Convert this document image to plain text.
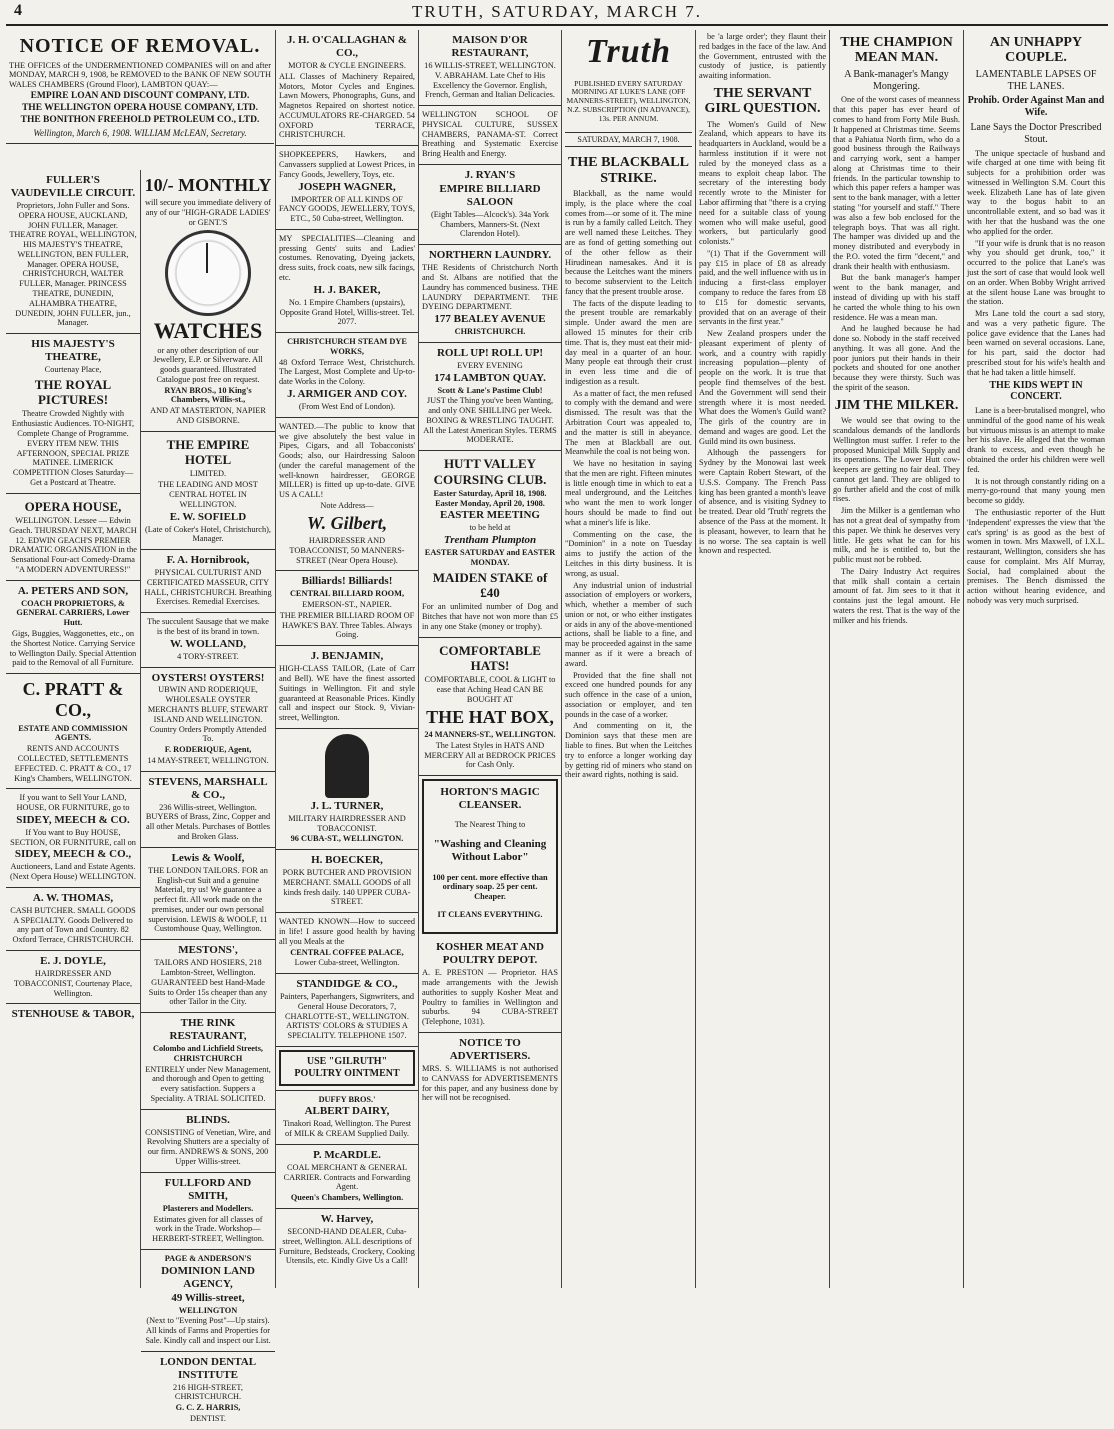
4	TRUTH, SATURDAY, MARCH 7.
NOTICE OF REMOVAL.

THE OFFICES of the UNDERMENTIONED COMPANIES will on and after MONDAY, MARCH 9, 1908, be REMOVED to the BANK OF NEW SOUTH WALES CHAMBERS (Ground Floor), LAMBTON QUAY:—

EMPIRE LOAN AND DISCOUNT COMPANY, LTD.

THE WELLINGTON OPERA HOUSE COMPANY, LTD.

THE BONITHON FREEHOLD PETROLEUM CO., LTD.

Wellington, March 6, 1908. WILLIAM McLEAN, Secretary.

FULLER'S VAUDEVILLE CIRCUIT.

Proprietors, John Fuller and Sons. OPERA HOUSE, AUCKLAND, JOHN FULLER, Manager. THEATRE ROYAL, WELLINGTON, HIS MAJESTY'S THEATRE, WELLINGTON, BEN FULLER, Manager. OPERA HOUSE, CHRISTCHURCH, WALTER FULLER, Manager. PRINCESS THEATRE, DUNEDIN, ALHAMBRA THEATRE, DUNEDIN, JOHN FULLER, jun., Manager.

HIS MAJESTY'S THEATRE,

Courtenay Place,

THE ROYAL PICTURES!

Theatre Crowded Nightly with Enthusiastic Audiences. TO-NIGHT, Complete Change of Programme. EVERY ITEM NEW. THIS AFTERNOON, SPECIAL PRIZE MATINEE. LIMERICK COMPETITION Closes Saturday—Get a Postcard at Theatre.

OPERA HOUSE,

WELLINGTON. Lessee — Edwin Geach. THURSDAY NEXT, MARCH 12. EDWIN GEACH'S PREMIER DRAMATIC ORGANISATION in the Sensational Four-act Comedy-Drama "A MODERN ADVENTURESS!"

A. PETERS AND SON,

COACH PROPRIETORS, & GENERAL CARRIERS, Lower Hutt.

Gigs, Buggies, Waggonettes, etc., on the Shortest Notice. Carrying Service to Wellington Daily. Special Attention paid to the Removal of all Furniture.

C. PRATT & CO.,

ESTATE AND COMMISSION AGENTS.

RENTS AND ACCOUNTS COLLECTED, SETTLEMENTS EFFECTED. C. PRATT & CO., 17 King's Chambers, WELLINGTON.

If you want to Sell Your LAND, HOUSE, OR FURNITURE, go to

SIDEY, MEECH & CO.

If You want to Buy HOUSE, SECTION, OR FURNITURE, call on

SIDEY, MEECH & CO.,

Auctioneers, Land and Estate Agents. (Next Opera House) WELLINGTON.

A. W. THOMAS,

CASH BUTCHER. SMALL GOODS A SPECIALTY. Goods Delivered to any part of Town and Country. 82 Oxford Terrace, CHRISTCHURCH.

E. J. DOYLE,

HAIRDRESSER AND TOBACCONIST, Courtenay Place, Wellington.

STENHOUSE & TABOR,
10/- MONTHLY

will secure you immediate delivery of any of our "HIGH-GRADE LADIES' or GENT.'S

WATCHES

or any other description of our Jewellery, E.P. or Silverware. All goods guaranteed. Illustrated Catalogue post free on request.

RYAN BROS., 10 King's Chambers, Willis-st.,

AND AT MASTERTON, NAPIER AND GISBORNE.

THE EMPIRE HOTEL

LIMITED.

THE LEADING AND MOST CENTRAL HOTEL IN WELLINGTON.

E. W. SOFIELD

(Late of Coker's Hotel, Christchurch), Manager.

F. A. Hornibrook,

PHYSICAL CULTURIST AND CERTIFICATED MASSEUR, CITY HALL, CHRISTCHURCH. Breathing Exercises. Remedial Exercises.

The succulent Sausage that we make is the best of its brand in town.

W. WOLLAND,

4 TORY-STREET.

OYSTERS! OYSTERS!

UBWIN AND RODERIQUE, WHOLESALE OYSTER MERCHANTS BLUFF, STEWART ISLAND AND WELLINGTON. Country Orders Promptly Attended To.

F. RODERIQUE, Agent,

14 MAY-STREET, WELLINGTON.

STEVENS, MARSHALL & CO.,

236 Willis-street, Wellington. BUYERS of Brass, Zinc, Copper and all other Metals. Purchases of Bottles and Broken Glass.

Lewis & Woolf,

THE LONDON TAILORS. FOR an English-cut Suit and a genuine Material, try us! We guarantee a perfect fit. All work made on the premises, under our own personal supervision. LEWIS & WOOLF, 11 Customhouse Quay, Wellington.

MESTONS',

TAILORS AND HOSIERS, 218 Lambton-Street, Wellington. GUARANTEED best Hand-Made Suits to Order 15s cheaper than any other Tailor in the City.

THE RINK RESTAURANT,

Colombo and Lichfield Streets, CHRISTCHURCH

ENTIRELY under New Management, and thorough and Open to getting every satisfaction. Suppers a Speciality. A TRIAL SOLICITED.

BLINDS.

CONSISTING of Venetian, Wire, and Revolving Shutters are a specialty of our firm. ANDREWS & SONS, 200 Upper Willis-street.

FULLFORD AND SMITH,

Plasterers and Modellers.

Estimates given for all classes of work in the Trade. Workshop— HERBERT-STREET, Wellington.

PAGE & ANDERSON'S

DOMINION LAND AGENCY,
49 Willis-street,

WELLINGTON

(Next to "Evening Post"—Up stairs). All kinds of Farms and Properties for Sale. Kindly call and inspect our List.

LONDON DENTAL INSTITUTE

216 HIGH-STREET, CHRISTCHURCH.

G. C. Z. HARRIS,

DENTIST.

J. H. O'CALLAGHAN & CO.,

MOTOR & CYCLE ENGINEERS.

ALL Classes of Machinery Repaired, Motors, Motor Cycles and Engines. Lawn Mowers, Phonographs, Guns, and Magnetos Repaired on shortest notice. ACCUMULATORS RE-CHARGED. 54 OXFORD TERRACE, CHRISTCHURCH.

SHOPKEEPERS, Hawkers, and Canvassers supplied at Lowest Prices, in Fancy Goods, Jewellery, Toys, etc.

JOSEPH WAGNER,

IMPORTER OF ALL KINDS OF FANCY GOODS, JEWELLERY, TOYS, ETC., 50 Cuba-street, Wellington.

MY SPECIALITIES—Cleaning and pressing Gents' suits and Ladies' costumes. Renovating, Dyeing jackets, dress suits, frock coats, new silk facings, etc.

H. J. BAKER,

No. 1 Empire Chambers (upstairs), Opposite Grand Hotel, Willis-street. Tel. 2077.

CHRISTCHURCH STEAM DYE WORKS,

48 Oxford Terrace West, Christchurch. The Largest, Most Complete and Up-to-date Works in the Colony.

J. ARMIGER AND COY.

(From West End of London).

WANTED.—The public to know that we give absolutely the best value in Pipes, Cigars, and all Tobacconists' Goods; also, our Hairdressing Saloon (under the careful management of the well-known hairdresser, GEORGE MILLER) is fitted up up-to-date. GIVE US A CALL!

Note Address—

W. Gilbert,

HAIRDRESSER AND TOBACCONIST, 50 MANNERS-STREET (Near Opera House).

Billiards! Billiards!

CENTRAL BILLIARD ROOM,

EMERSON-ST., NAPIER.

THE PREMIER BILLIARD ROOM OF HAWKE'S BAY. Three Tables. Always Going.

J. BENJAMIN,

HIGH-CLASS TAILOR, (Late of Carr and Bell). WE have the finest assorted Suitings in Wellington. Fit and style guaranteed at Reasonable Prices. Kindly call and inspect our Stock. 9, Vivian-street, Wellington.

J. L. TURNER,

MILITARY HAIRDRESSER AND TOBACCONIST.

96 CUBA-ST., WELLINGTON.

H. BOECKER,

PORK BUTCHER AND PROVISION MERCHANT. SMALL GOODS of all kinds fresh daily. 140 UPPER CUBA-STREET.

WANTED KNOWN—How to succeed in life! I assure good health by having all you Meals at the

CENTRAL COFFEE PALACE,

Lower Cuba-street, Wellington.

STANDIDGE & CO.,

Painters, Paperhangers, Signwriters, and General House Decorators, 7, CHARLOTTE-ST., WELLINGTON. ARTISTS' COLORS & STUDIES A SPECIALITY. TELEPHONE 1507.

USE "GILRUTH" POULTRY OINTMENT

DUFFY BROS.'

ALBERT DAIRY,

Tinakori Road, Wellington. The Purest of MILK & CREAM Supplied Daily.

P. McARDLE.

COAL MERCHANT & GENERAL CARRIER. Contracts and Forwarding Agent.

Queen's Chambers, Wellington.

W. Harvey,

SECOND-HAND DEALER, Cuba-street, Wellington. ALL descriptions of Furniture, Bedsteads, Crockery, Cooking Utensils, etc. Kindly Give Us a Call!

MAISON D'OR RESTAURANT,

16 WILLIS-STREET, WELLINGTON. V. ABRAHAM. Late Chef to His Excellency the Governor. English, French, German and Italian Delicacies.

WELLINGTON SCHOOL OF PHYSICAL CULTURE, SUSSEX CHAMBERS, PANAMA-ST. Correct Breathing and Systematic Exercise Bring Health and Energy.

J. RYAN'S
EMPIRE BILLIARD SALOON

(Eight Tables—Alcock's). 34a York Chambers, Manners-St. (Next Clarendon Hotel).

NORTHERN LAUNDRY.

THE Residents of Christchurch North and St. Albans are notified that the Laundry has commenced business. THE LAUNDRY DEPARTMENT. THE DYEING DEPARTMENT.

177 BEALEY AVENUE

CHRISTCHURCH.

ROLL UP! ROLL UP!

EVERY EVENING

174 LAMBTON QUAY.

Scott & Lane's Pastime Club!

JUST the Thing you've been Wanting, and only ONE SHILLING per Week. BOXING & WRESTLING TAUGHT. All the Latest American Styles. TERMS MODERATE.

HUTT VALLEY COURSING CLUB.

Easter Saturday, April 18, 1908. Easter Monday, April 20, 1908.

EASTER MEETING

to be held at

Trentham Plumpton

EASTER SATURDAY and EASTER MONDAY.

MAIDEN STAKE of £40

For an unlimited number of Dog and Bitches that have not won more than £5 in any one Stake (money or trophy).

COMFORTABLE HATS!

COMFORTABLE, COOL & LIGHT to ease that Aching Head CAN BE BOUGHT AT

THE HAT BOX,

24 MANNERS-ST., WELLINGTON.

The Latest Styles in HATS AND MERCERY All at BEDROCK PRICES for Cash Only.

HORTON'S MAGIC CLEANSER.

The Nearest Thing to

"Washing and Cleaning Without Labor"

100 per cent. more effective than ordinary soap. 25 per cent. Cheaper.

IT CLEANS EVERYTHING.

KOSHER MEAT AND POULTRY DEPOT.

A. E. PRESTON — Proprietor. HAS made arrangements with the Jewish authorities to supply Kosher Meat and Poultry to families in Wellington and suburbs. 94 CUBA-STREET (Telephone, 1031).

NOTICE TO ADVERTISERS.

MRS. S. WILLIAMS is not authorised to CANVASS for ADVERTISEMENTS for this paper, and any business done by her will not be recognised.

Truth

PUBLISHED EVERY SATURDAY MORNING AT LUKE'S LANE (OFF MANNERS-STREET), WELLINGTON, N.Z. SUBSCRIPTION (IN ADVANCE), 13s. PER ANNUM.

SATURDAY, MARCH 7, 1908.

THE BLACKBALL STRIKE.

Blackball, as the name would imply, is the place where the coal comes from—or some of it. The mine is run by a family called Leitch. They are well named these Leitches. They are as fond of getting something out of the other fellow as their Hirudinean namesakes. And it is because the Leitches want the miners to become subservient to the Leitch fancy that the present trouble arose.

The facts of the dispute leading to the present trouble are remarkably simple. Under award the men are allowed 15 minutes for their crib time. That is, they must eat their mid-day meal in a quarter of an hour. Many people eat through their crust in even less time and die of indigestion as a result.

As a matter of fact, the men refused to comply with the demand and were dismissed. The result was that the Arbitration Court was appealed to, and the matter is still in abeyance. The men at Blackball are out. Meanwhile the coal is not being won.

We have no hesitation in saying that the men are right. Fifteen minutes is little enough time in which to eat a meal underground, and the Leitches who want the men to work longer hours should be made to find out what a miner's life is like.

Commenting on the case, the "Dominion" in a note on Tuesday aims to justify the action of the Leitches in this dirty business. It is wrong, as usual.

Any industrial union of industrial association of employers or workers, which, whether a member of such union or not, or who either instigates or aids in any of the above-mentioned actions, shall be liable to a fine, and may be proceeded against in the same manner as if it were a breach of award.

Provided that the fine shall not exceed one hundred pounds for any such offence in the case of a union, association or employer, and ten pounds in the case of a worker.

And commenting on it, the Dominion says that these men are liable to fines. But when the Leitches try to enforce a longer working day by getting rid of miners who stand on their award rights, nothing is said.

be 'a large order'; they flaunt their red badges in the face of the law. And the Government, entrusted with the custody of justice, is patiently awaiting information.

THE SERVANT GIRL QUESTION.

The Women's Guild of New Zealand, which appears to have its headquarters in Auckland, would be a harmless institution if it were not ruled by the moneyed class as a means to exploit cheap labor. The secretary of the interesting body recently wrote to the Minister for Labor affirming that "there is a crying need for a suitable class of young women who will make useful, good workers, but particularly good colonists."

"(1) That if the Government will pay £15 in place of £8 as already paid, and the well influence with us in inducing a first-class employer company to reduce the fares from £8 to £15 for domestic servants, provided that on an average of their servants in the first year."

New Zealand prospers under the pleasant experiment of plenty of work, and a country with rapidly increasing population—plenty of people on the work. It is true that people find themselves of the best. And the Government will send their strength where it is most needed. What does the Women's Guild want? The girls of the country are in demand and wages are good. Let the Guild mind its own business.

Although the passengers for Sydney by the Monowai last week were Captain Robert Stewart, of the U.S.S. Company. The French Pass king has been granted a month's leave of absence, and is visiting Sydney to be treated. Dear old 'Truth' regrets the absence of the Pass at the moment. It is pleasant, however, to learn that he is no worse. The sea captain is well known and respected.

THE CHAMPION MEAN MAN.
A Bank-manager's Mangy Mongering.

One of the worst cases of meanness that this paper has ever heard of comes to hand from Forty Mile Bush. It happened at Christmas time. Seems that a Pahiatua North firm, who do a good business through the Railways and carrying work, sent a hamper along at Christmas time to their friends. In the particular township to which this paper refers a hamper was sent to the bank manager, with a letter stating "for yourself and staff." There was also a few bob enclosed for the telegraph boys. That was all right. The hamper was divided up and the money distributed and everybody in the P.O. voted the firm "decent," and drank their health with enthusiasm.

But the bank manager's hamper went to the bank manager, and instead of dividing up with his staff he carted the whole thing to his own residence. He was a mean man.

And he laughed because he had done so. Nobody in the staff received anything. It was all gone. And the poor juniors put their hands in their pockets and shouted for one another because they were thirsty. Such was the spirit of the season.

JIM THE MILKER.

We would see that owing to the scandalous demands of the landlords Wellington must suffer. I refer to the proposed Municipal Milk Supply and its operations. The Lower Hutt cow-keepers are getting no fair deal. They cannot get land. They are obliged to go further afield and the cost of milk rises.

Jim the Milker is a gentleman who has not a great deal of sympathy from this paper. We think he deserves very little. He gets what he can for his milk, and he is entitled to, but the public must not be robbed.

The Dairy Industry Act requires that milk shall contain a certain amount of fat. Jim sees to it that it contains just the legal amount. He waters the rest. That is the way of the milker and his friends.

AN UNHAPPY COUPLE.
LAMENTABLE LAPSES OF THE LANES.
Prohib. Order Against Man and Wife.
Lane Says the Doctor Prescribed Stout.

The unique spectacle of husband and wife charged at one time with being fit subjects for a prohibition order was witnessed in Wellington S.M. Court this week. Elizabeth Lane has of late given way to the bogus habit to an uncontrollable extent, and so bad was it with her that the husband was the one who applied for the order.

"If your wife is drunk that is no reason why you should get drunk, too," it occurred to the police that Lane's was just the sort of case that would look well on an order. When Bobby Wright arrived at the silent house Lane was brought to the station.

Mrs Lane told the court a sad story, and was a very pathetic figure. The police gave evidence that the Lanes had been warned on several occasions. Lane, for his part, said the doctor had prescribed stout for his wife's health and that he had taken a little himself.

THE KIDS WEPT IN CONCERT.

Lane is a beer-brutalised mongrel, who unmindful of the good name of his weak but virtuous missus is an attempt to make her his slave. He alleged that the woman drank to excess, and even though he obtained the order his children were well fed.

It is not through constantly riding on a merry-go-round that many young men become so giddy.

The enthusiastic reporter of the Hutt 'Independent' expresses the view that 'the cat's spring' is as good as the best of women in town. Mrs Maxwell, of I.X.L. restaurant, Wellington, considers she has cause for complaint. Mrs Alf Murray, Social, had complained about the premises. The Bench dismissed the action without hearing evidence, and nobody was very much surprised.
